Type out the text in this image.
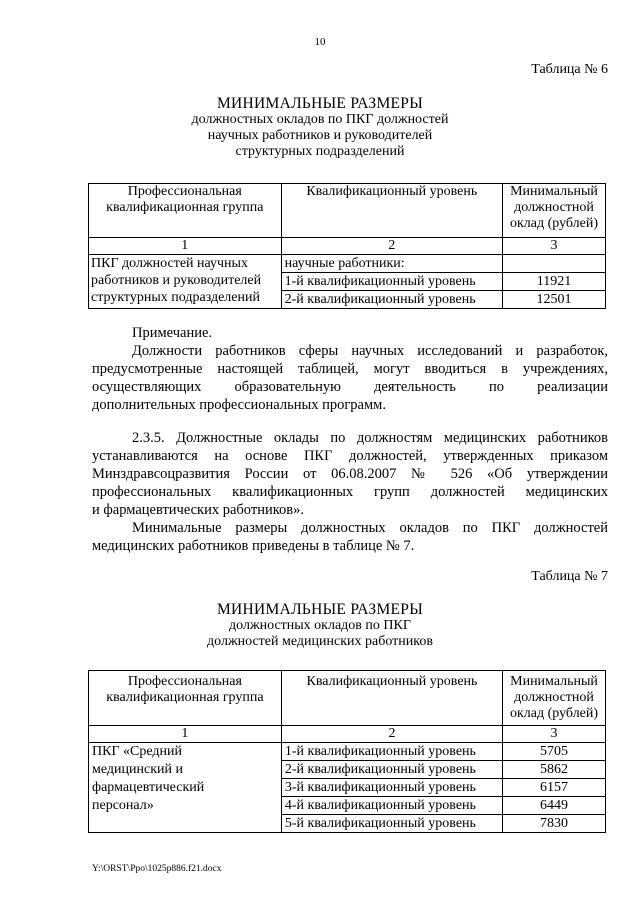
10
Таблица № 6
МИНИМАЛЬНЫЕ РАЗМЕРЫ
должностных окладов по ПКГ должностей
научных работников и руководителей
структурных подразделений
Профессиональная квалификационная группа	Квалификационный уровень	Минимальный должностной оклад (рублей)
1	2	3

ПКГ должностей научных
работников и руководителей
структурных подразделений	научные работники:	
	1-й квалификационный уровень	11921
	2-й квалификационный уровень	12501
Примечание.
Должности работников сферы научных исследований и разработок,
предусмотренные настоящей таблицей, могут вводиться в учреждениях,
осуществляющих образовательную деятельность по реализации
дополнительных профессиональных программ.
2.3.5. Должностные оклады по должностям медицинских работников
устанавливаются на основе ПКГ должностей, утвержденных приказом
Минздравсоцразвития России от 06.08.2007 № 526 «Об утверждении
профессиональных квалификационных групп должностей медицинских
и фармацевтических работников».
Минимальные размеры должностных окладов по ПКГ должностей
медицинских работников приведены в таблице № 7.
Таблица № 7
МИНИМАЛЬНЫЕ РАЗМЕРЫ
должностных окладов по ПКГ
должностей медицинских работников
Профессиональная квалификационная группа	Квалификационный уровень	Минимальный должностной оклад (рублей)
1	2	3
ПКГ «Средний медицинский и фармацевтический персонал»	1-й квалификационный уровень	5705
	2-й квалификационный уровень	5862
	3-й квалификационный уровень	6157
	4-й квалификационный уровень	6449
	5-й квалификационный уровень	7830
Y:\ORST\Ppo\1025p886.f21.docx
